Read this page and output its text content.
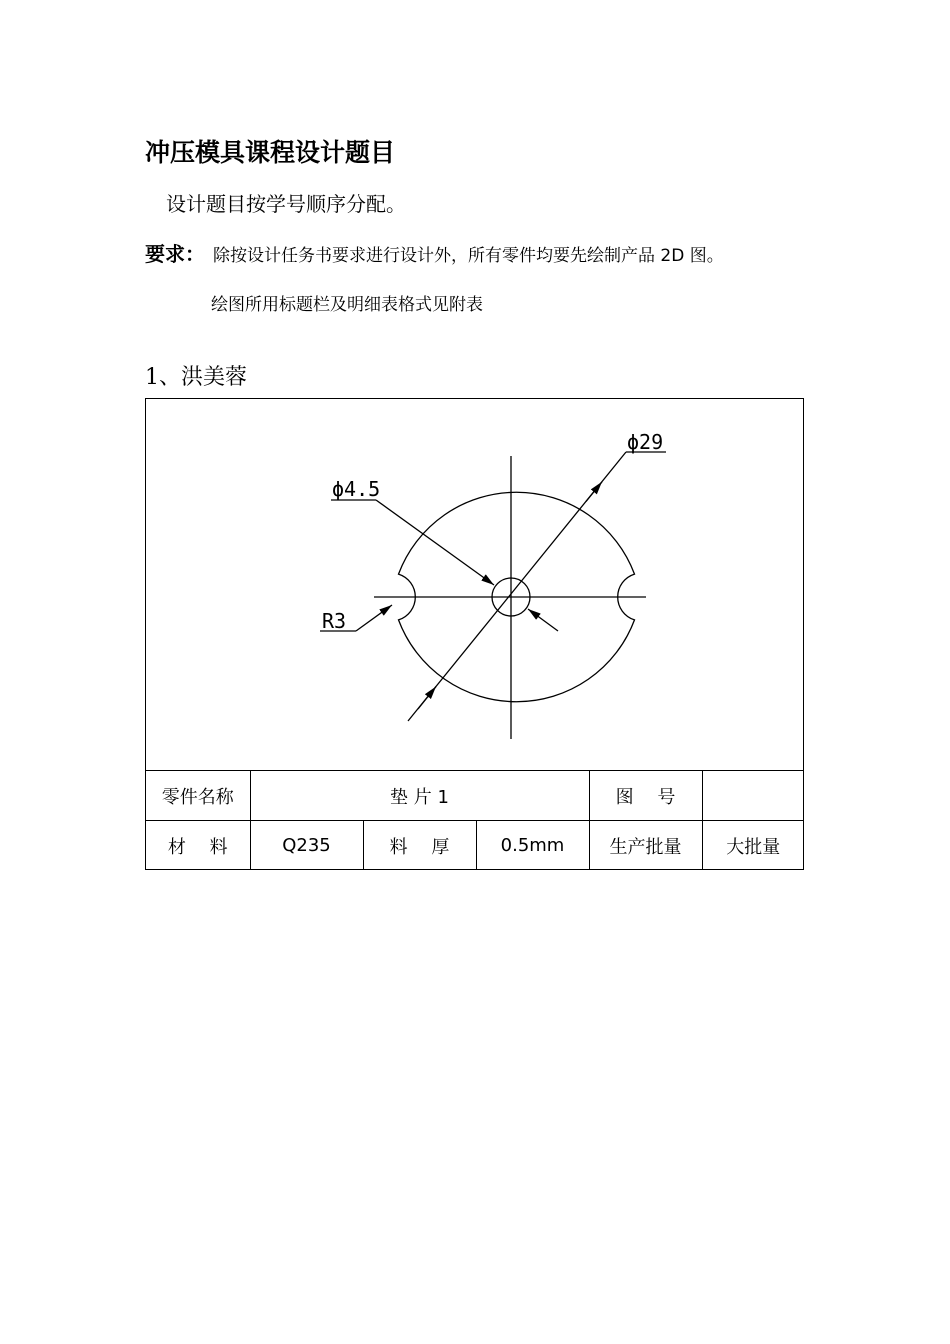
冲压模具课程设计题目
设计题目按学号顺序分配。
要求： 除按设计任务书要求进行设计外，所有零件均要先绘制产品 2D 图。
绘图所用标题栏及明细表格式见附表
1、洪美蓉
ϕ29
ϕ4.5
R3
零件名称	垫 片 1			图　 号	
材　 料	Q235	料　 厚	0.5mm	生产批量	大批量
